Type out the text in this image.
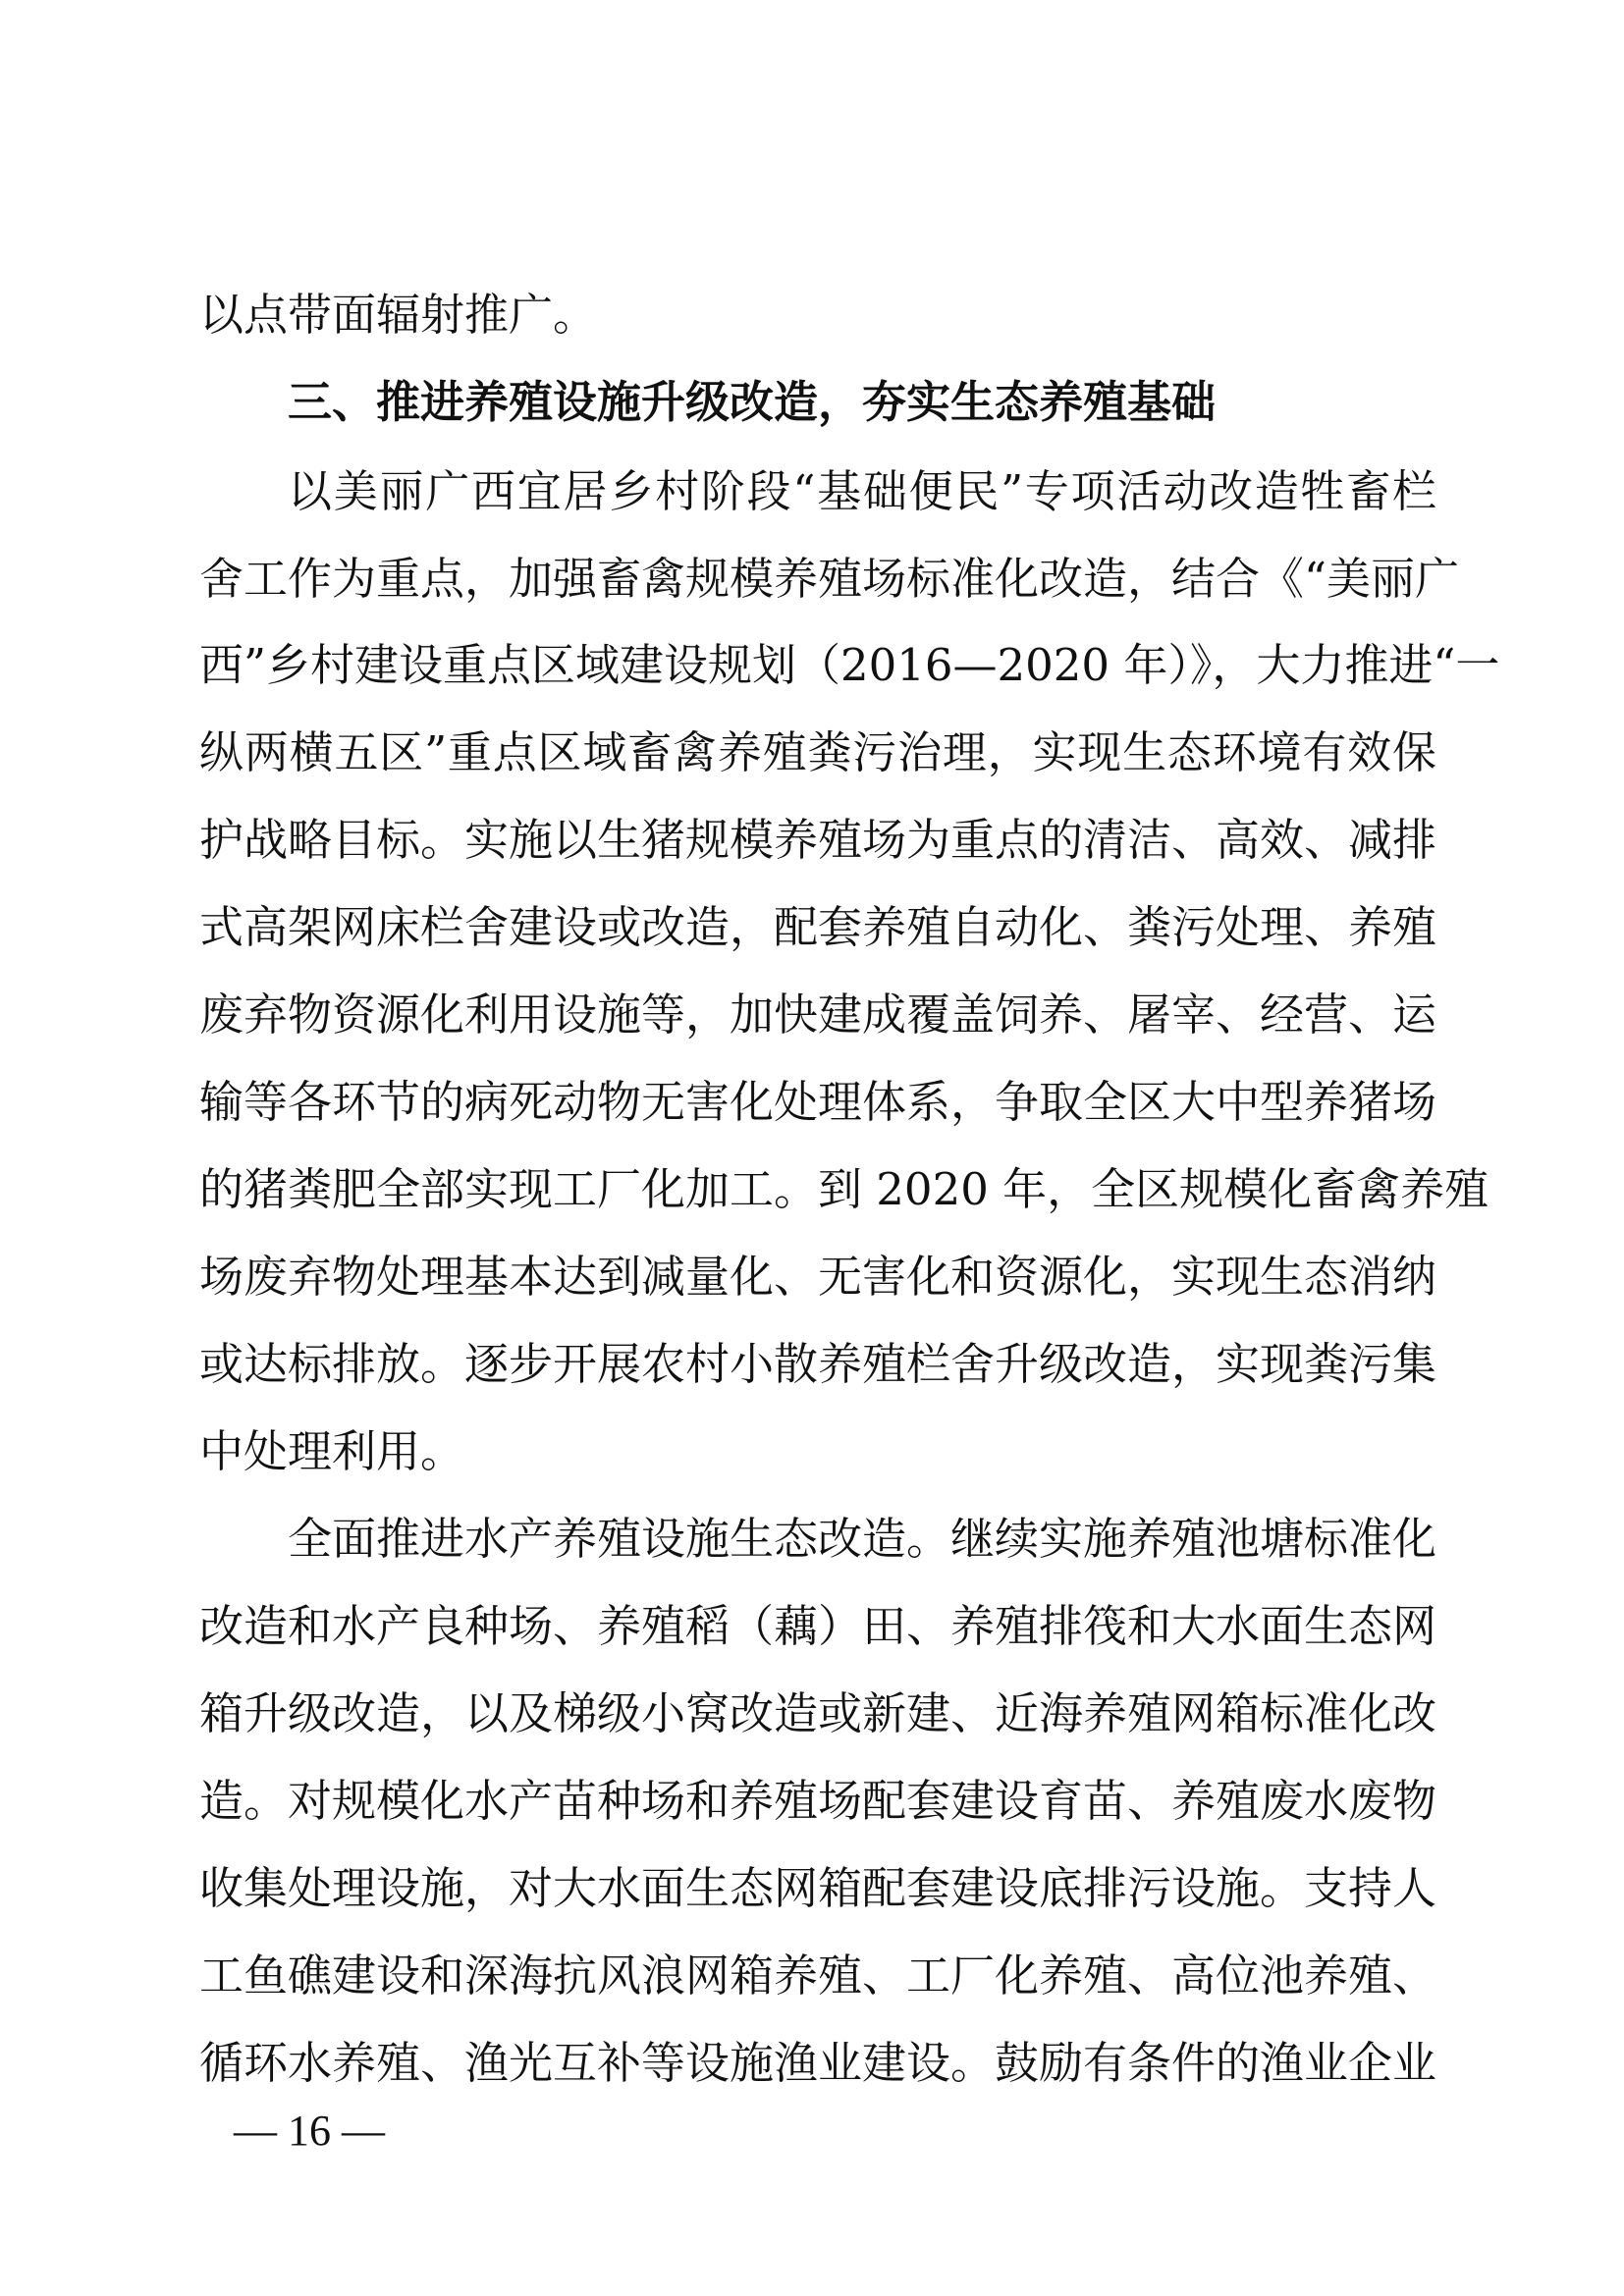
以点带面辐射推广。
三、推进养殖设施升级改造，夯实生态养殖基础
以美丽广西宜居乡村阶段“基础便民”专项活动改造牲畜栏
舍工作为重点，加强畜禽规模养殖场标准化改造，结合《“美丽广
西”乡村建设重点区域建设规划（2016—2020 年）》，大力推进“一
纵两横五区”重点区域畜禽养殖粪污治理，实现生态环境有效保
护战略目标。实施以生猪规模养殖场为重点的清洁、高效、减排
式高架网床栏舍建设或改造，配套养殖自动化、粪污处理、养殖
废弃物资源化利用设施等，加快建成覆盖饲养、屠宰、经营、运
输等各环节的病死动物无害化处理体系，争取全区大中型养猪场
的猪粪肥全部实现工厂化加工。到 2020 年，全区规模化畜禽养殖
场废弃物处理基本达到减量化、无害化和资源化，实现生态消纳
或达标排放。逐步开展农村小散养殖栏舍升级改造，实现粪污集
中处理利用。
全面推进水产养殖设施生态改造。继续实施养殖池塘标准化
改造和水产良种场、养殖稻（藕）田、养殖排筏和大水面生态网
箱升级改造，以及梯级小窝改造或新建、近海养殖网箱标准化改
造。对规模化水产苗种场和养殖场配套建设育苗、养殖废水废物
收集处理设施，对大水面生态网箱配套建设底排污设施。支持人
工鱼礁建设和深海抗风浪网箱养殖、工厂化养殖、高位池养殖、
循环水养殖、渔光互补等设施渔业建设。鼓励有条件的渔业企业
— 16 —
